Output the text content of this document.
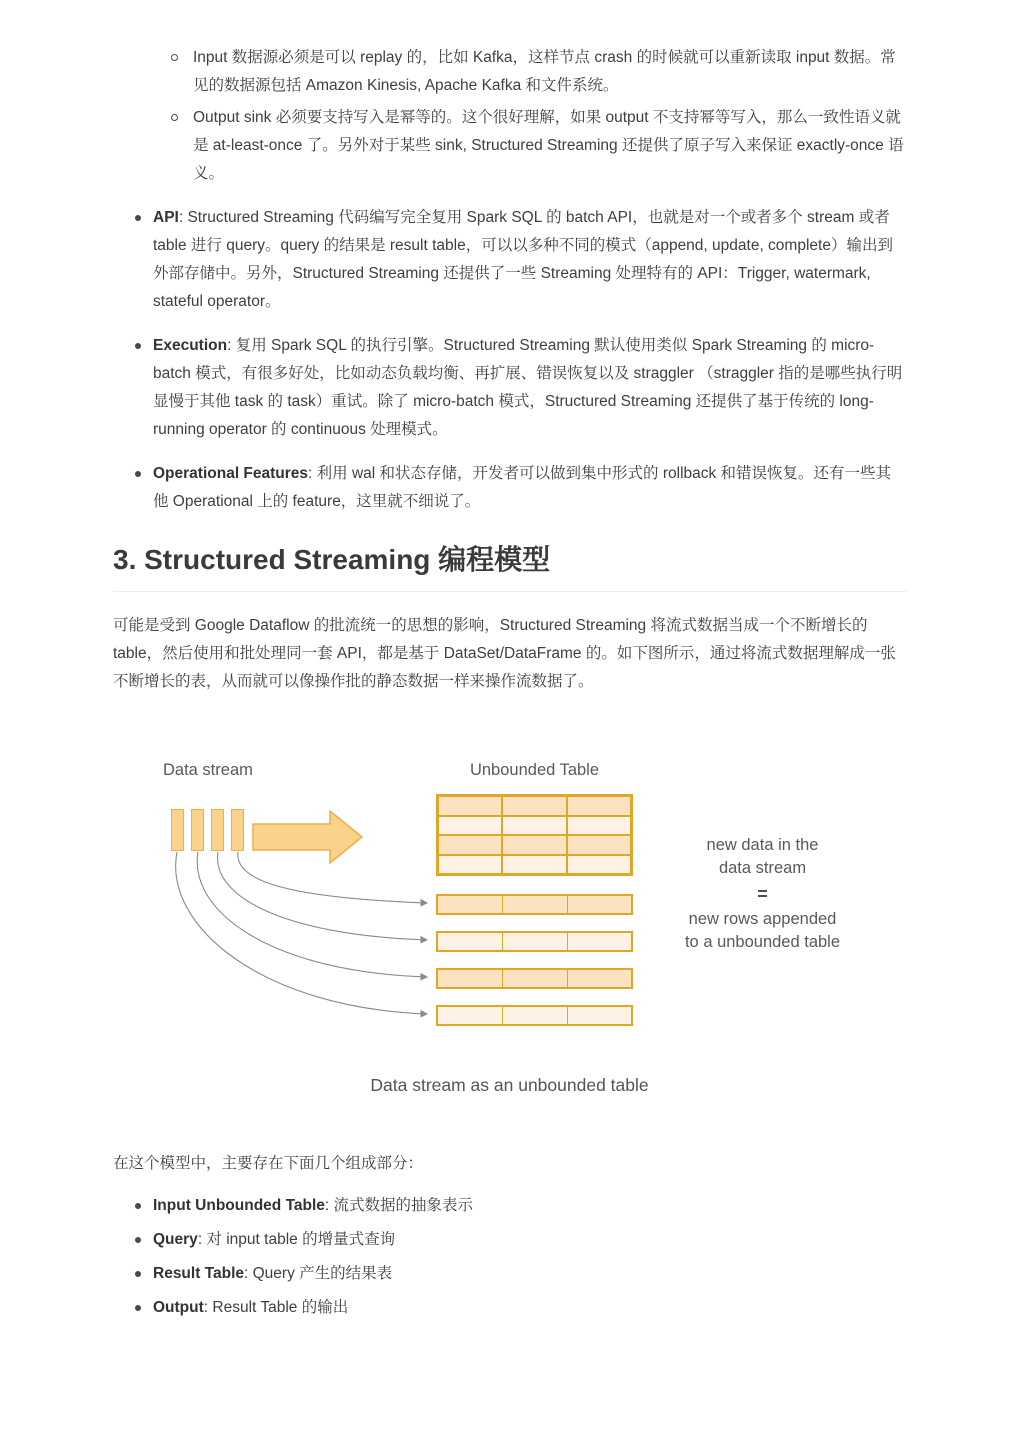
Input 数据源必须是可以 replay 的，比如 Kafka，这样节点 crash 的时候就可以重新读取 input 数据。常见的数据源包括 Amazon Kinesis, Apache Kafka 和文件系统。
Output sink 必须要支持写入是幂等的。这个很好理解，如果 output 不支持幂等写入，那么一致性语义就是 at-least-once 了。另外对于某些 sink, Structured Streaming 还提供了原子写入来保证 exactly-once 语义。
API: Structured Streaming 代码编写完全复用 Spark SQL 的 batch API，也就是对一个或者多个 stream 或者 table 进行 query。query 的结果是 result table，可以以多种不同的模式（append, update, complete）输出到外部存储中。另外，Structured Streaming 还提供了一些 Streaming 处理特有的 API：Trigger, watermark, stateful operator。
Execution: 复用 Spark SQL 的执行引擎。Structured Streaming 默认使用类似 Spark Streaming 的 micro-batch 模式，有很多好处，比如动态负载均衡、再扩展、错误恢复以及 straggler （straggler 指的是哪些执行明显慢于其他 task 的 task）重试。除了 micro-batch 模式，Structured Streaming 还提供了基于传统的 long-running operator 的 continuous 处理模式。
Operational Features: 利用 wal 和状态存储，开发者可以做到集中形式的 rollback 和错误恢复。还有一些其他 Operational 上的 feature，这里就不细说了。
3. Structured Streaming 编程模型

可能是受到 Google Dataflow 的批流统一的思想的影响，Structured Streaming 将流式数据当成一个不断增长的 table，然后使用和批处理同一套 API，都是基于 DataSet/DataFrame 的。如下图所示，通过将流式数据理解成一张不断增长的表，从而就可以像操作批的静态数据一样来操作流数据了。

Data stream	Unbounded Table
new data in the
data stream
=
new rows appended
to a unbounded table
Data stream as an unbounded table

在这个模型中，主要存在下面几个组成部分：

Input Unbounded Table: 流式数据的抽象表示
Query: 对 input table 的增量式查询
Result Table: Query 产生的结果表
Output: Result Table 的输出
